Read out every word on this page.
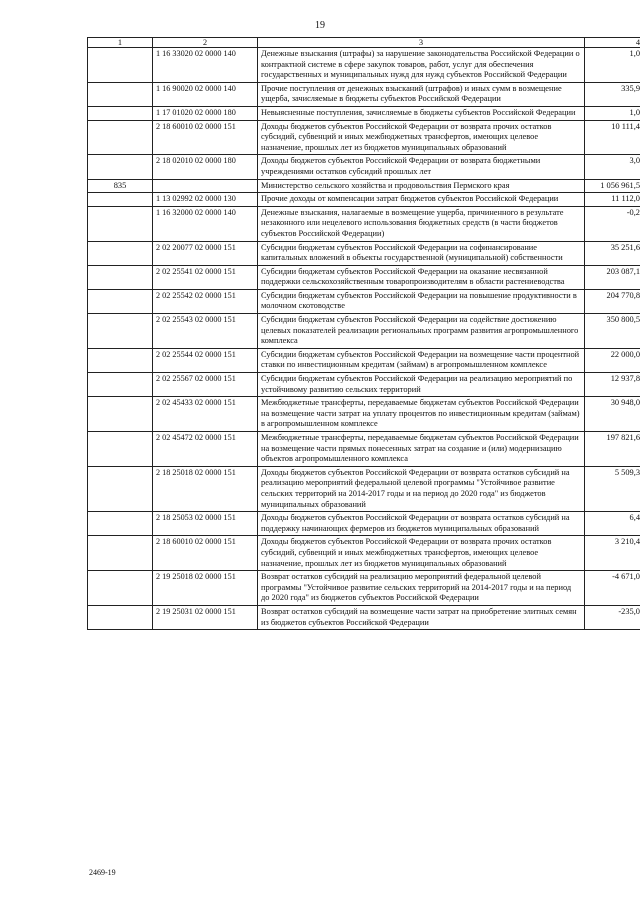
19
1	2	3	4
	1 16 33020 02 0000 140	Денежные взыскания (штрафы) за нарушение законодательства Российской Федерации о контрактной системе в сфере закупок товаров, работ, услуг для обеспечения государственных и муниципальных нужд для нужд субъектов Российской Федерации	1,0
	1 16 90020 02 0000 140	Прочие поступления от денежных взысканий (штрафов) и иных сумм в возмещение ущерба, зачисляемые в бюджеты субъектов Российской Федерации	335,9
	1 17 01020 02 0000 180	Невыясненные поступления, зачисляемые в бюджеты субъектов Российской Федерации	1,0
	2 18 60010 02 0000 151	Доходы бюджетов субъектов Российской Федерации от возврата прочих остатков субсидий, субвенций и иных межбюджетных трансфертов, имеющих целевое назначение, прошлых лет из бюджетов муниципальных образований	10 111,4
	2 18 02010 02 0000 180	Доходы бюджетов субъектов Российской Федерации от возврата бюджетными учреждениями остатков субсидий прошлых лет	3,0
835		Министерство сельского хозяйства и продовольствия Пермского края	1 056 961,5
	1 13 02992 02 0000 130	Прочие доходы от компенсации затрат бюджетов субъектов Российской Федерации	11 112,0
	1 16 32000 02 0000 140	Денежные взыскания, налагаемые в возмещение ущерба, причиненного в результате незаконного или нецелевого использования бюджетных средств (в части бюджетов субъектов Российской Федерации)	-0,2
	2 02 20077 02 0000 151	Субсидии бюджетам субъектов Российской Федерации на софинансирование капитальных вложений в объекты государственной (муниципальной) собственности	35 251,6
	2 02 25541 02 0000 151	Субсидии бюджетам субъектов Российской Федерации на оказание несвязанной поддержки сельскохозяйственным товаропроизводителям в области растениеводства	203 087,1
	2 02 25542 02 0000 151	Субсидии бюджетам субъектов Российской Федерации на повышение продуктивности в молочном скотоводстве	204 770,8
	2 02 25543 02 0000 151	Субсидии бюджетам субъектов Российской Федерации на содействие достижению целевых показателей реализации региональных программ развития агропромышленного комплекса	350 800,5
	2 02 25544 02 0000 151	Субсидии бюджетам субъектов Российской Федерации на возмещение части процентной ставки по инвестиционным кредитам (займам) в агропромышленном комплексе	22 000,0
	2 02 25567 02 0000 151	Субсидии бюджетам субъектов Российской Федерации на реализацию мероприятий по устойчивому развитию сельских территорий	12 937,8
	2 02 45433 02 0000 151	Межбюджетные трансферты, передаваемые бюджетам субъектов Российской Федерации на возмещение части затрат на уплату процентов по инвестиционным кредитам (займам) в агропромышленном комплексе	30 948,0
	2 02 45472 02 0000 151	Межбюджетные трансферты, передаваемые бюджетам субъектов Российской Федерации на возмещение части прямых понесенных затрат на создание и (или) модернизацию объектов агропромышленного комплекса	197 821,6
	2 18 25018 02 0000 151	Доходы бюджетов субъектов Российской Федерации от возврата остатков субсидий на реализацию мероприятий федеральной целевой программы "Устойчивое развитие сельских территорий на 2014-2017 годы и на период до 2020 года" из бюджетов муниципальных образований	5 509,3
	2 18 25053 02 0000 151	Доходы бюджетов субъектов Российской Федерации от возврата остатков субсидий на поддержку начинающих фермеров из бюджетов муниципальных образований	6,4
	2 18 60010 02 0000 151	Доходы бюджетов субъектов Российской Федерации от возврата прочих остатков субсидий, субвенций и иных межбюджетных трансфертов, имеющих целевое назначение, прошлых лет из бюджетов муниципальных образований	3 210,4
	2 19 25018 02 0000 151	Возврат остатков субсидий на реализацию мероприятий федеральной целевой программы "Устойчивое развитие сельских территорий на 2014-2017 годы и на период до 2020 года" из бюджетов субъектов Российской Федерации	-4 671,0
	2 19 25031 02 0000 151	Возврат остатков субсидий на возмещение части затрат на приобретение элитных семян из бюджетов субъектов Российской Федерации	-235,0
2469-19
